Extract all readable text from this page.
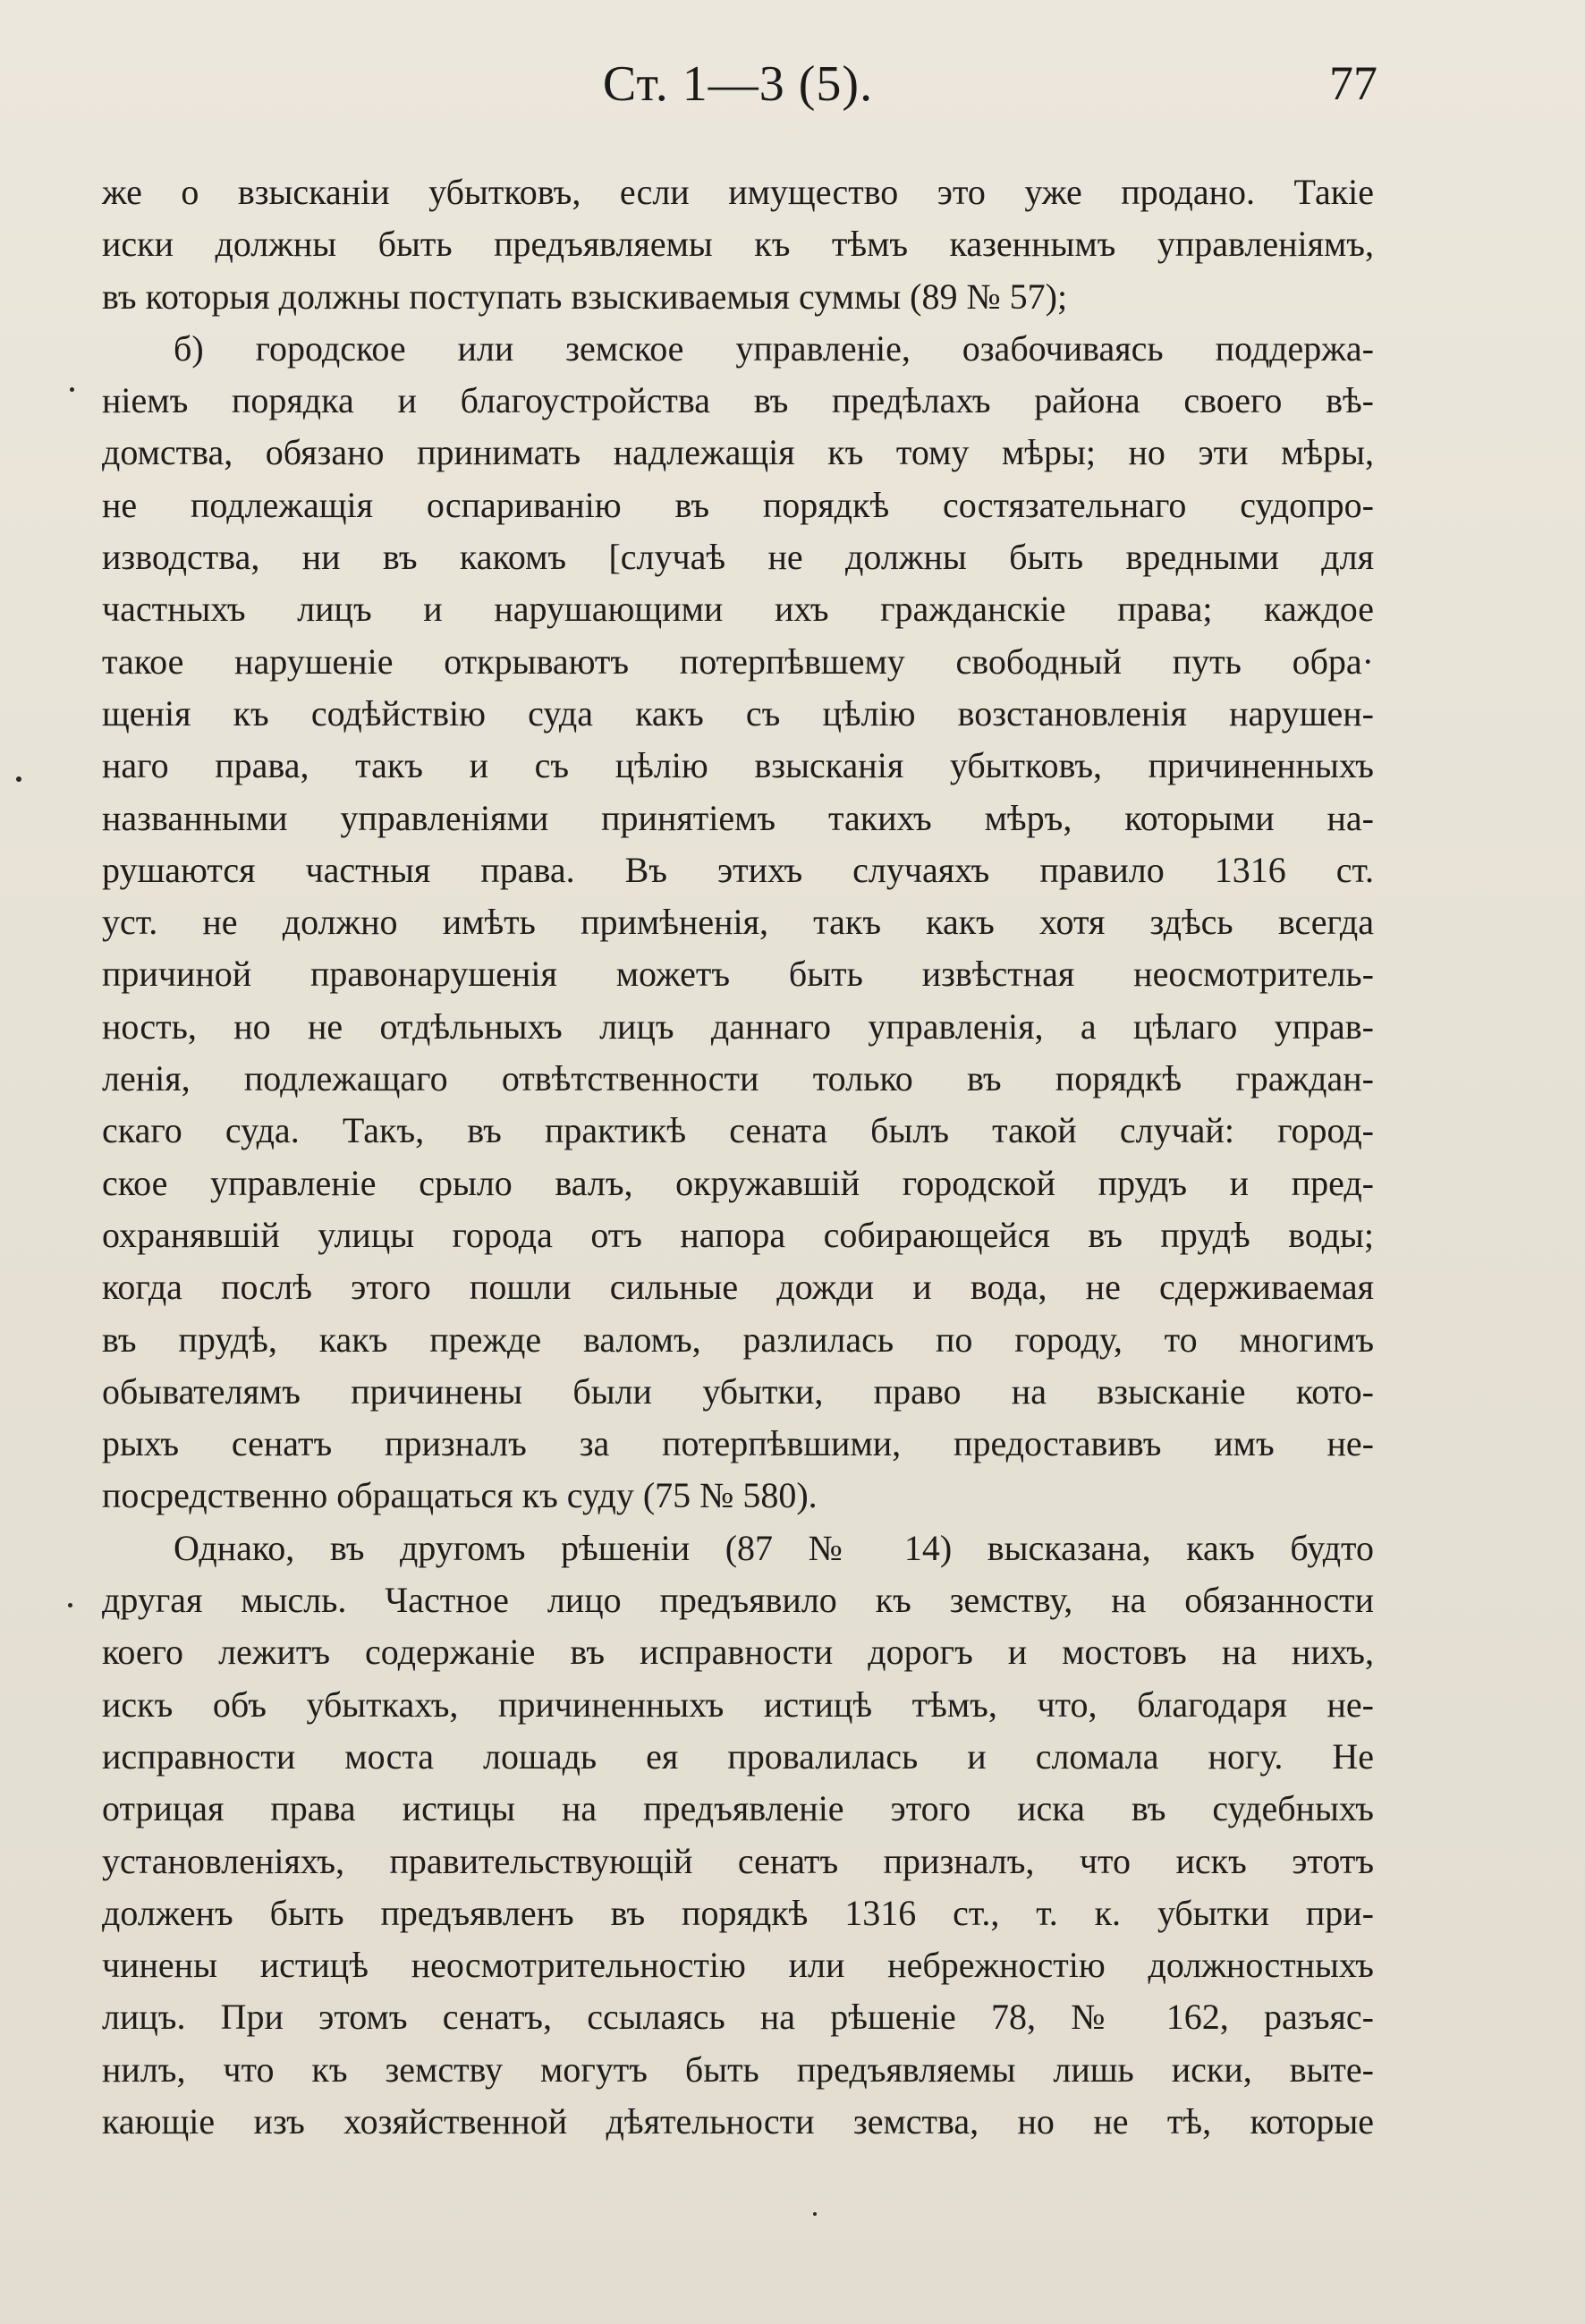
Ст. 1—3 (5).	77
же о взысканіи убытковъ, если имущество это уже продано. Такіе
иски должны быть предъявляемы къ тѣмъ казеннымъ управленіямъ,
въ которыя должны поступать взыскиваемыя суммы (89 № 57);
б) городское или земское управленіе, озабочиваясь поддержа-
ніемъ порядка и благоустройства въ предѣлахъ района своего вѣ-
домства, обязано принимать надлежащія къ тому мѣры; но эти мѣры,
не подлежащія оспариванію въ порядкѣ состязательнаго судопро-
изводства, ни въ какомъ [случаѣ не должны быть вредными для
частныхъ лицъ и нарушающими ихъ гражданскіе права; каждое
такое нарушеніе открываютъ потерпѣвшему свободный путь обра·
щенія къ содѣйствію суда какъ съ цѣлію возстановленія нарушен-
наго права, такъ и съ цѣлію взысканія убытковъ, причиненныхъ
названными управленіями принятіемъ такихъ мѣръ, которыми на-
рушаются частныя права. Въ этихъ случаяхъ правило 1316 ст.
уст. не должно имѣть примѣненія, такъ какъ хотя здѣсь всегда
причиной правонарушенія можетъ быть извѣстная неосмотритель-
ность, но не отдѣльныхъ лицъ даннаго управленія, а цѣлаго управ-
ленія, подлежащаго отвѣтственности только въ порядкѣ граждан-
скаго суда. Такъ, въ практикѣ сената былъ такой случай: город-
ское управленіе срыло валъ, окружавшій городской прудъ и пред-
охранявшій улицы города отъ напора собирающейся въ прудѣ воды;
когда послѣ этого пошли сильные дожди и вода, не сдерживаемая
въ прудѣ, какъ прежде валомъ, разлилась по городу, то многимъ
обывателямъ причинены были убытки, право на взысканіе кото-
рыхъ сенатъ призналъ за потерпѣвшими, предоставивъ имъ не-
посредственно обращаться къ суду (75 № 580).
Однако, въ другомъ рѣшеніи (87 № 14) высказана, какъ будто
другая мысль. Частное лицо предъявило къ земству, на обязанности
коего лежитъ содержаніе въ исправности дорогъ и мостовъ на нихъ,
искъ объ убыткахъ, причиненныхъ истицѣ тѣмъ, что, благодаря не-
исправности моста лошадь ея провалилась и сломала ногу. Не
отрицая права истицы на предъявленіе этого иска въ судебныхъ
установленіяхъ, правительствующій сенатъ призналъ, что искъ этотъ
долженъ быть предъявленъ въ порядкѣ 1316 ст., т. к. убытки при-
чинены истицѣ неосмотрительностію или небрежностію должностныхъ
лицъ. При этомъ сенатъ, ссылаясь на рѣшеніе 78, № 162, разъяс-
нилъ, что къ земству могутъ быть предъявляемы лишь иски, выте-
кающіе изъ хозяйственной дѣятельности земства, но не тѣ, которые
